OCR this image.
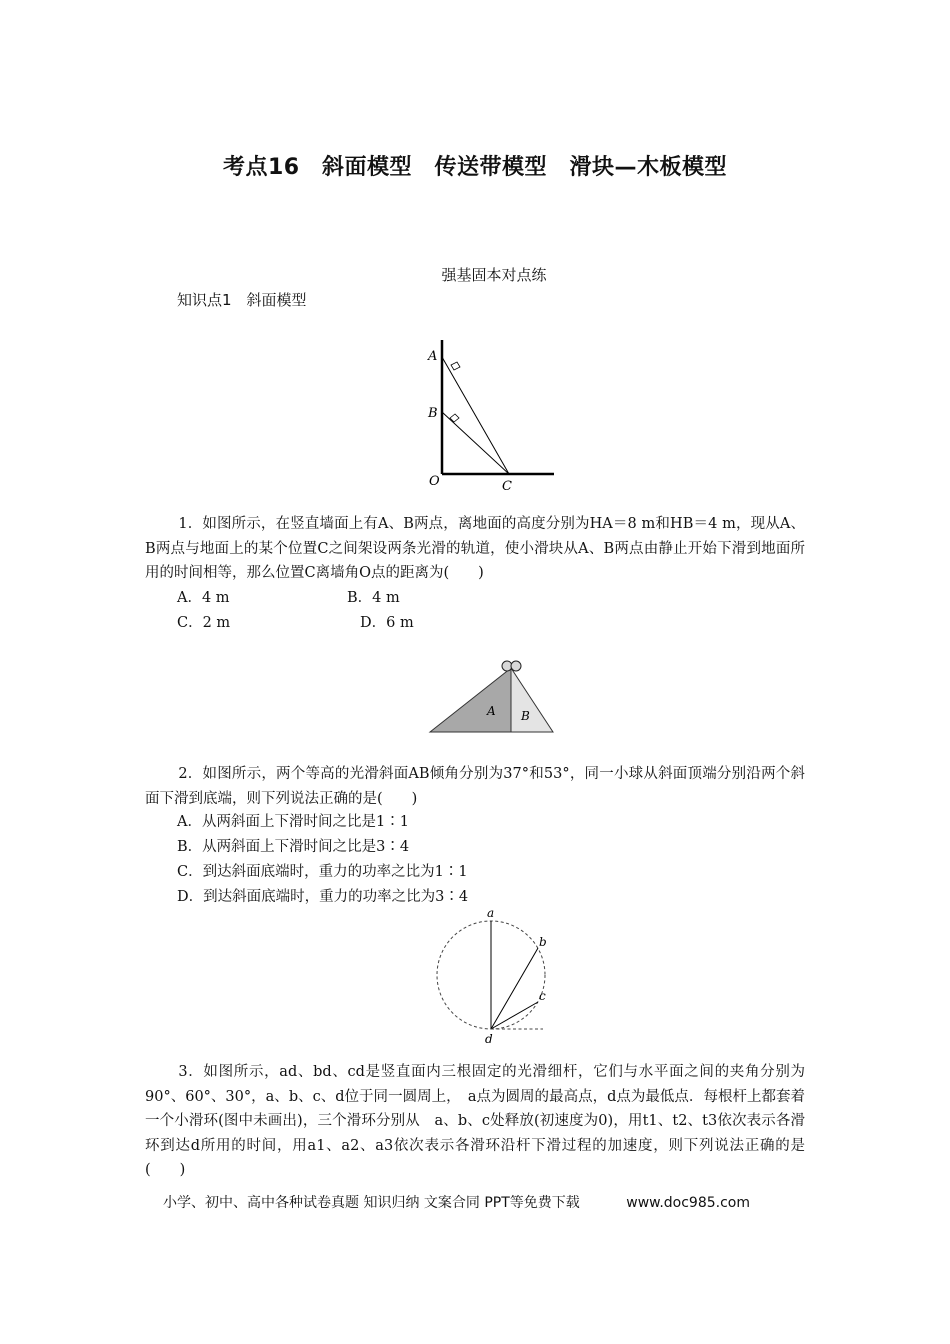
考点16　斜面模型　传送带模型　滑块—木板模型
强基固本对点练
知识点1　斜面模型
A
B
O	C
1．如图所示，在竖直墙面上有A、B两点，离地面的高度分别为HA＝8 m和HB＝4 m，现从A、B两点与地面上的某个位置C之间架设两条光滑的轨道，使小滑块从A、B两点由静止开始下滑到地面所用的时间相等，那么位置C离墙角O点的距离为(　　)
A．4 m	B．4 m
C．2 m	D．6 m
A B
2．如图所示，两个等高的光滑斜面AB倾角分别为37°和53°，同一小球从斜面顶端分别沿两个斜面下滑到底端，则下列说法正确的是(　　)
A．从两斜面上下滑时间之比是1∶1
B．从两斜面上下滑时间之比是3∶4
C．到达斜面底端时，重力的功率之比为1∶1
D．到达斜面底端时，重力的功率之比为3∶4
a
b
c
d
3．如图所示，ad、bd、cd是竖直面内三根固定的光滑细杆，它们与水平面之间的夹角分别为90°、60°、30°，a、b、c、d位于同一圆周上，　a点为圆周的最高点，d点为最低点．每根杆上都套着一个小滑环(图中未画出)，三个滑环分别从　a、b、c处释放(初速度为0)，用t1、t2、t3依次表示各滑环到达d所用的时间，用a1、a2、a3依次表示各滑环沿杆下滑过程的加速度，则下列说法正确的是(　　)
小学、初中、高中各种试卷真题 知识归纳 文案合同 PPT等免费下载	www.doc985.com
